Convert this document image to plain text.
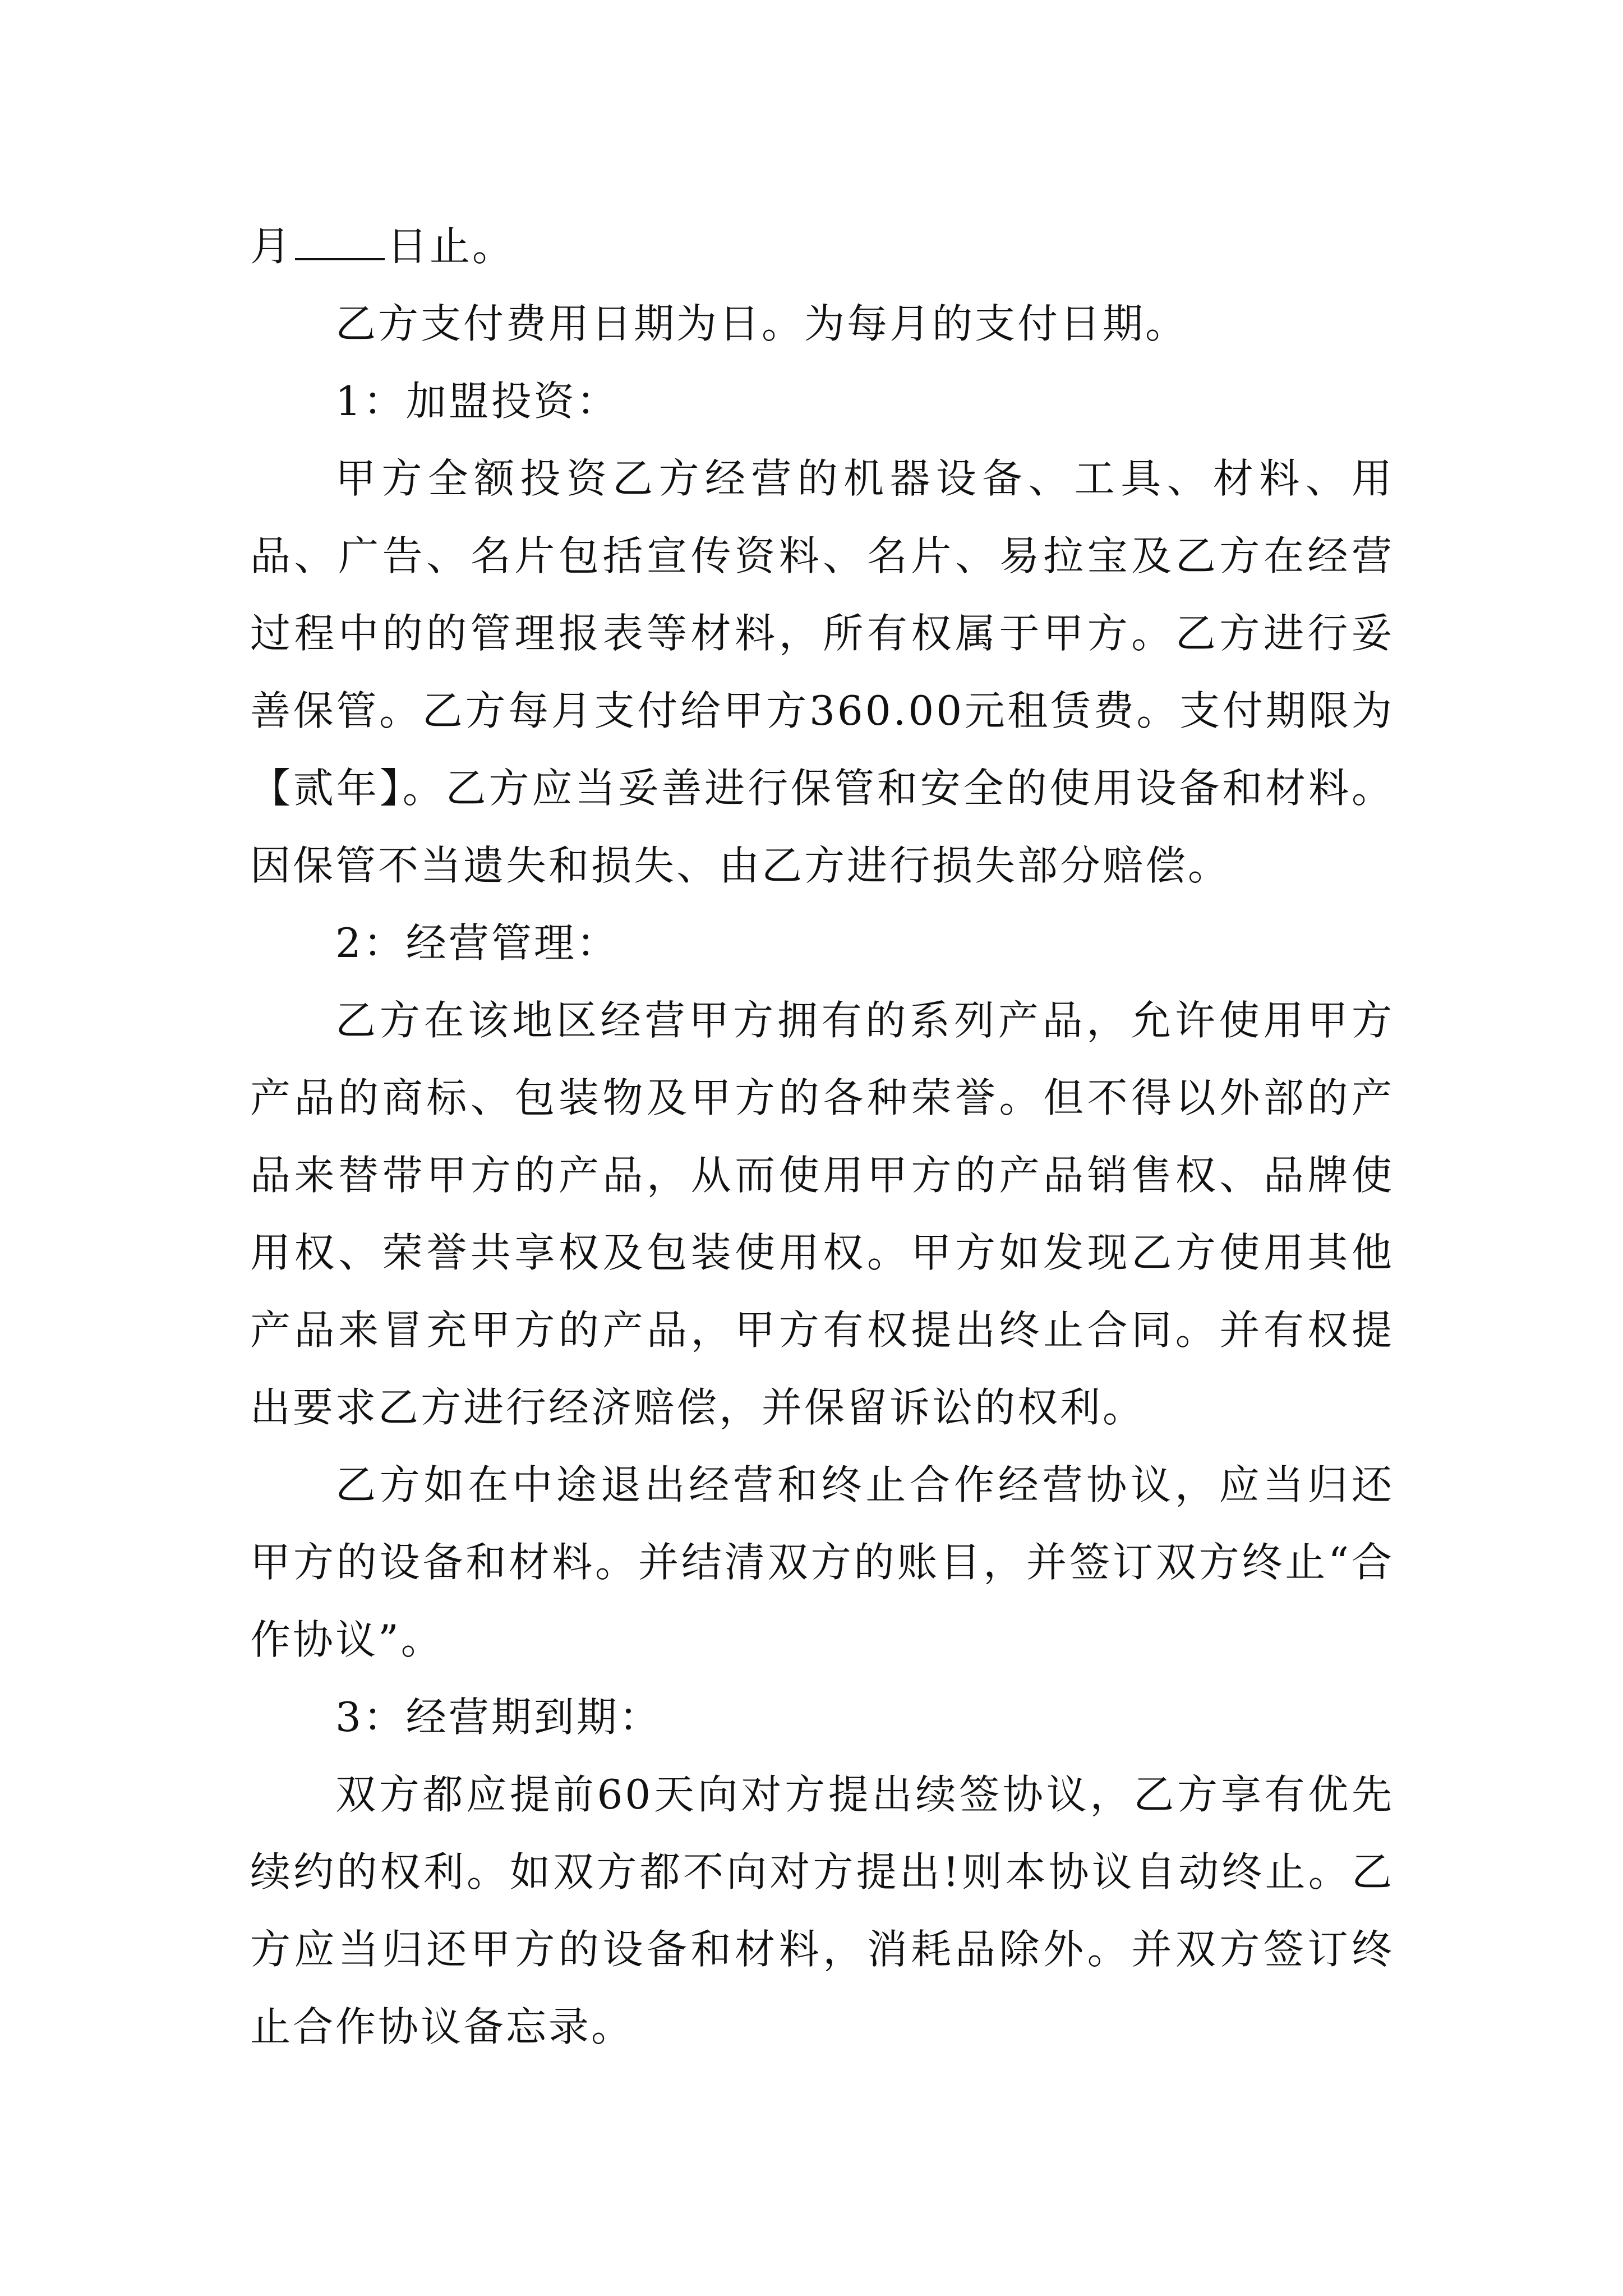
月 日止。

乙方支付费用日期为日。为每月的支付日期。

1：加盟投资：

甲方全额投资乙方经营的机器设备、工具、材料、用品、广告、名片包括宣传资料、名片、易拉宝及乙方在经营过程中的的管理报表等材料，所有权属于甲方。乙方进行妥善保管。乙方每月支付给甲方360.00元租赁费。支付期限为【贰年】。乙方应当妥善进行保管和安全的使用设备和材料。因保管不当遗失和损失、由乙方进行损失部分赔偿。

2：经营管理：

乙方在该地区经营甲方拥有的系列产品，允许使用甲方产品的商标、包装物及甲方的各种荣誉。但不得以外部的产品来替带甲方的产品，从而使用甲方的产品销售权、品牌使用权、荣誉共享权及包装使用权。甲方如发现乙方使用其他产品来冒充甲方的产品，甲方有权提出终止合同。并有权提出要求乙方进行经济赔偿，并保留诉讼的权利。

乙方如在中途退出经营和终止合作经营协议，应当归还甲方的设备和材料。并结清双方的账目，并签订双方终止“合作协议”。

3：经营期到期：

双方都应提前60天向对方提出续签协议，乙方享有优先续约的权利。如双方都不向对方提出!则本协议自动终止。乙方应当归还甲方的设备和材料，消耗品除外。并双方签订终止合作协议备忘录。
